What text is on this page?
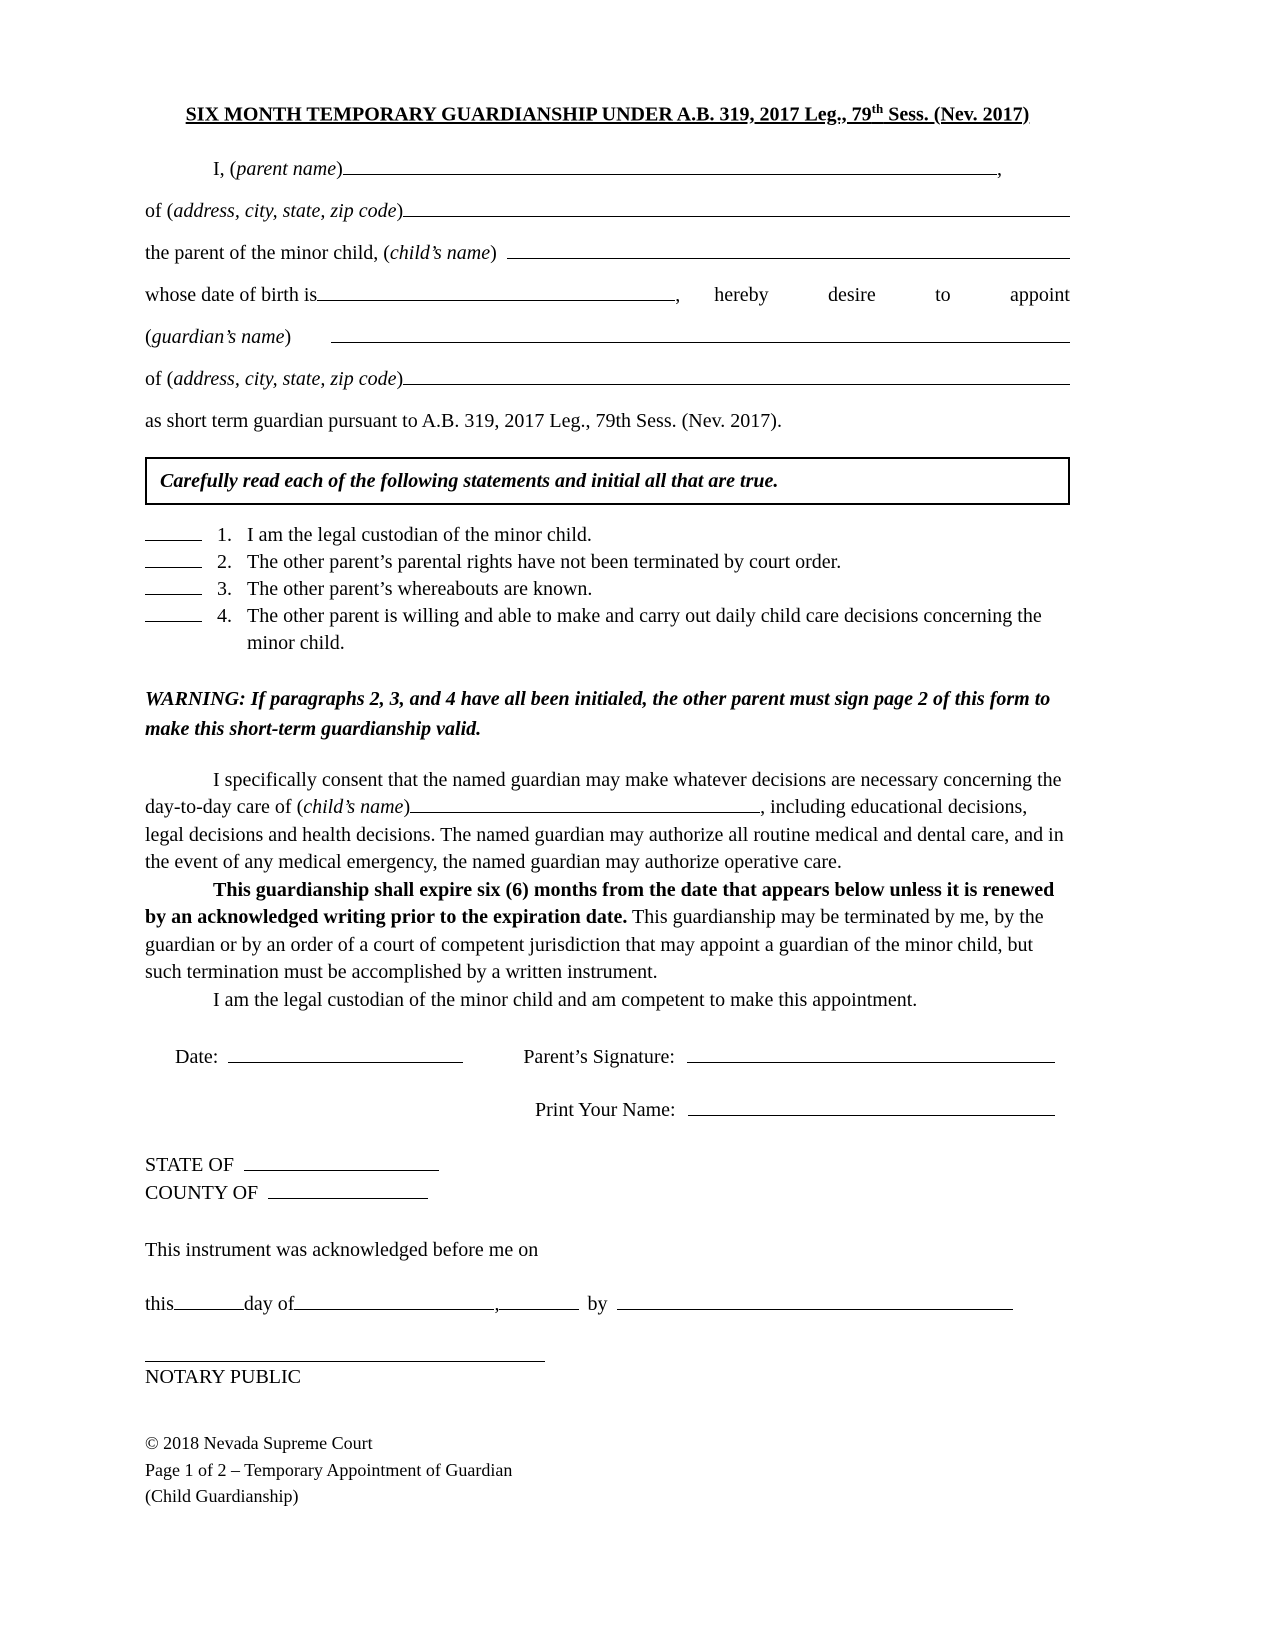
SIX MONTH TEMPORARY GUARDIANSHIP UNDER A.B. 319, 2017 Leg., 79th Sess. (Nev. 2017)
I, (parent name)	,
of (address, city, state, zip code)
the parent of the minor child, (child’s name)
whose date of birth is	, hereby	desire	to	appoint
(guardian’s name)
of (address, city, state, zip code)
as short term guardian pursuant to A.B. 319, 2017 Leg., 79th Sess. (Nev. 2017).
Carefully read each of the following statements and initial all that are true.
1. I am the legal custodian of the minor child.
2. The other parent’s parental rights have not been terminated by court order.
3. The other parent’s whereabouts are known.
4. The other parent is willing and able to make and carry out daily child care decisions concerning the minor child.
WARNING: If paragraphs 2, 3, and 4 have all been initialed, the other parent must sign page 2 of this form to make this short-term guardianship valid.

I specifically consent that the named guardian may make whatever decisions are necessary concerning the day-to-day care of (child’s name)	, including educational decisions, legal decisions and health decisions. The named guardian may authorize all routine medical and dental care, and in the event of any medical emergency, the named guardian may authorize operative care.

This guardianship shall expire six (6) months from the date that appears below unless it is renewed by an acknowledged writing prior to the expiration date. This guardianship may be terminated by me, by the guardian or by an order of a court of competent jurisdiction that may appoint a guardian of the minor child, but such termination must be accomplished by a written instrument.

I am the legal custodian of the minor child and am competent to make this appointment.

Date:	Parent’s Signature:
Print Your Name:
STATE OF
COUNTY OF
This instrument was acknowledged before me on
this	day of	,	by
NOTARY PUBLIC
© 2018 Nevada Supreme Court
Page 1 of 2 – Temporary Appointment of Guardian
(Child Guardianship)
